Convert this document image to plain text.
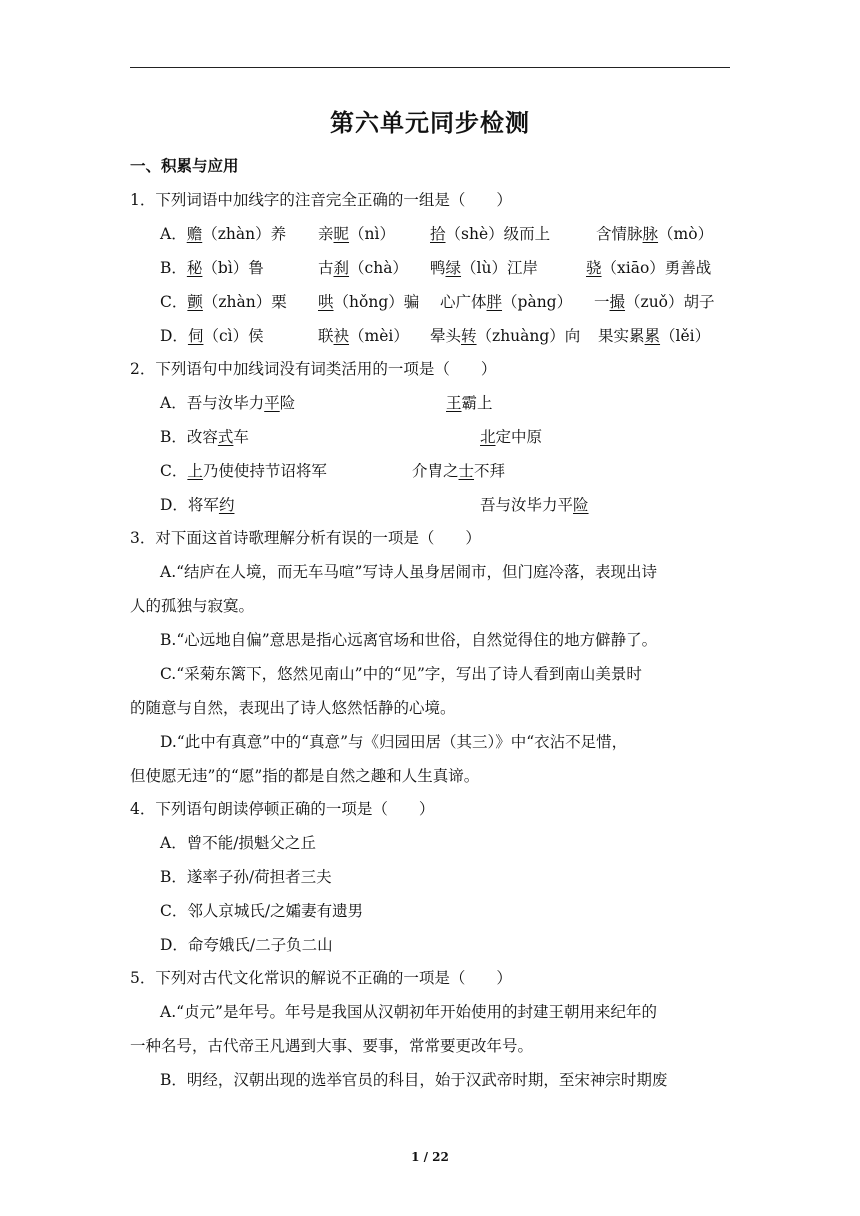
第六单元同步检测
一、积累与应用
1．下列词语中加线字的注音完全正确的一组是（　　）
A．赡（zhàn）养 亲昵（nì） 拾（shè）级而上	含情脉脉（mò）
B．秘（bì）鲁	古刹（chà） 鸭绿（lù）江岸	骁（xiāo）勇善战
C．颤（zhàn）栗 哄（hǒng）骗 心广体胖（pàng） 一撮（zuǒ）胡子
D．伺（cì）侯	联袂（mèi） 晕头转（zhuàng）向 果实累累（lěi）
2．下列语句中加线词没有词类活用的一项是（　　）
A．吾与汝毕力平险	王霸上
B．改容式车	北定中原
C．上乃使使持节诏将军	介胄之士不拜
D．将军约	吾与汝毕力平险
3．对下面这首诗歌理解分析有误的一项是（　　）
A.“结庐在人境，而无车马喧”写诗人虽身居闹市，但门庭冷落，表现出诗
人的孤独与寂寞。
B.“心远地自偏”意思是指心远离官场和世俗，自然觉得住的地方僻静了。
C.“采菊东篱下，悠然见南山”中的“见”字，写出了诗人看到南山美景时
的随意与自然，表现出了诗人悠然恬静的心境。
D.“此中有真意”中的“真意”与《归园田居（其三）》中“衣沾不足惜，
但使愿无违”的“愿”指的都是自然之趣和人生真谛。
4．下列语句朗读停顿正确的一项是（　　）
A．曾不能/损魁父之丘
B．遂率子孙/荷担者三夫
C．邻人京城氏/之孀妻有遗男
D．命夸娥氏/二子负二山
5．下列对古代文化常识的解说不正确的一项是（　　）
A.“贞元”是年号。年号是我国从汉朝初年开始使用的封建王朝用来纪年的
一种名号，古代帝王凡遇到大事、要事，常常要更改年号。
B．明经，汉朝出现的选举官员的科目，始于汉武帝时期，至宋神宗时期废
1 / 22
